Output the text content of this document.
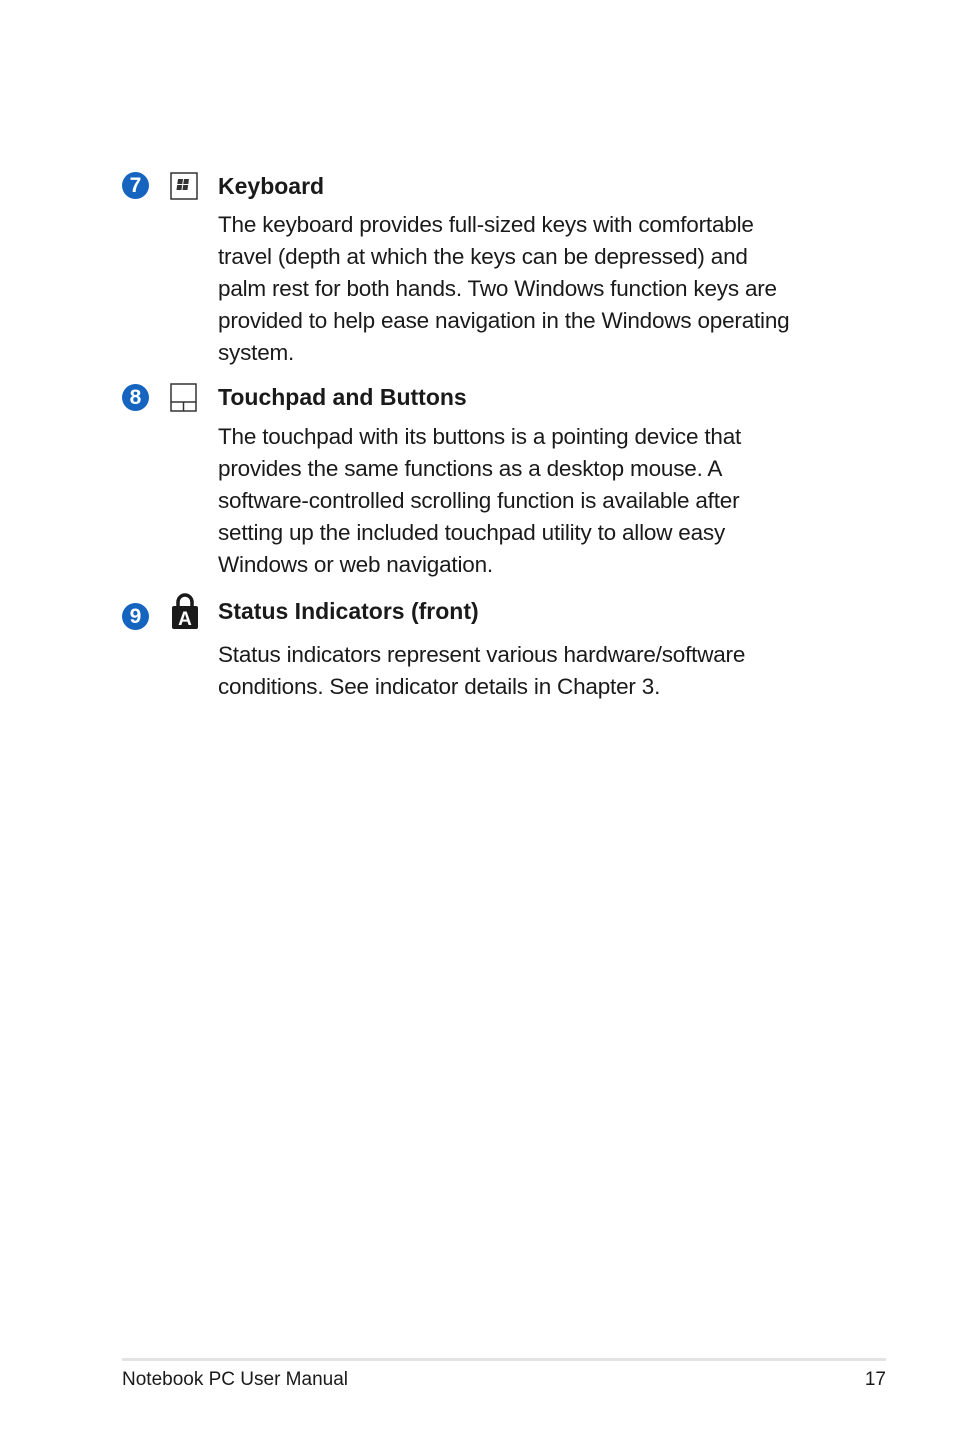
7	Keyboard
The keyboard provides full-sized keys with comfortable
travel (depth at which the keys can be depressed) and
palm rest for both hands. Two Windows function keys are
provided to help ease navigation in the Windows operating
system.
8	Touchpad and Buttons
The touchpad with its buttons is a pointing device that
provides the same functions as a desktop mouse. A
software-controlled scrolling function is available after
setting up the included touchpad utility to allow easy
Windows or web navigation.
9	A Status Indicators (front)
Status indicators represent various hardware/software
conditions. See indicator details in Chapter 3.
Notebook PC User Manual	17
